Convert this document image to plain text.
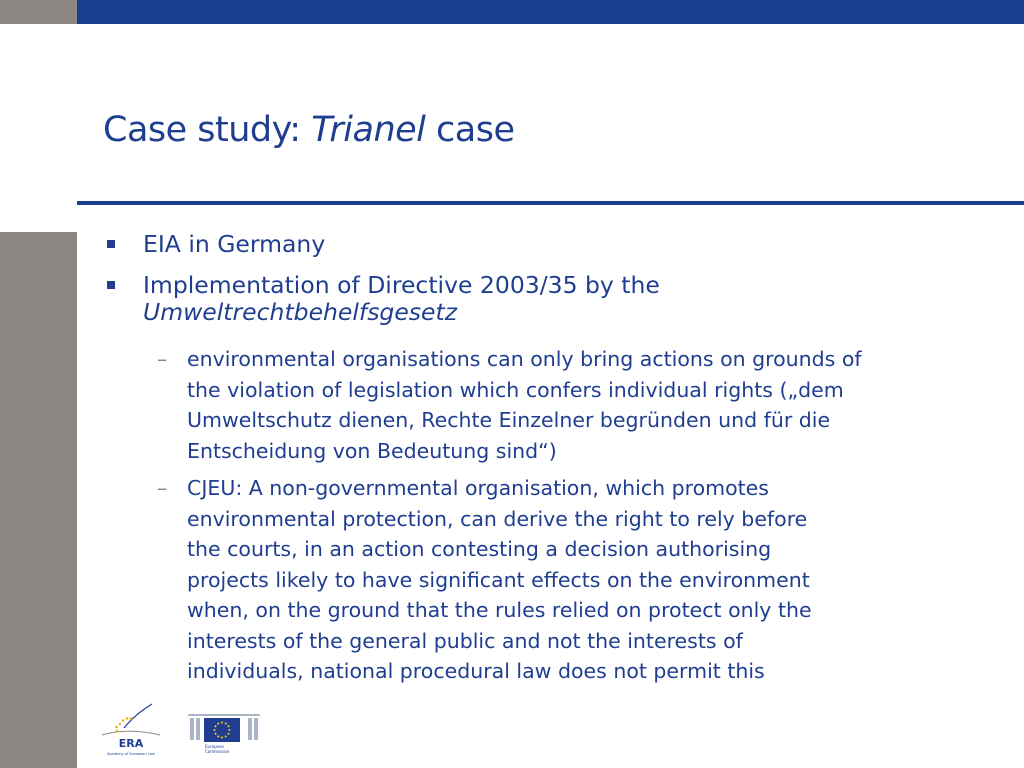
Case study: Trianel case
EIA in Germany
Implementation of Directive 2003/35 by the
Umweltrechtbehelfsgesetz
– environmental organisations can only bring actions on grounds of
the violation of legislation which confers individual rights („dem
Umweltschutz dienen, Rechte Einzelner begründen und für die
Entscheidung von Bedeutung sind“)
– CJEU: A non-governmental organisation, which promotes
environmental protection, can derive the right to rely before
the courts, in an action contesting a decision authorising
projects likely to have significant effects on the environment
when, on the ground that the rules relied on protect only the
interests of the general public and not the interests of
individuals, national procedural law does not permit this
ERA
Academy of European Law
European
Commission
